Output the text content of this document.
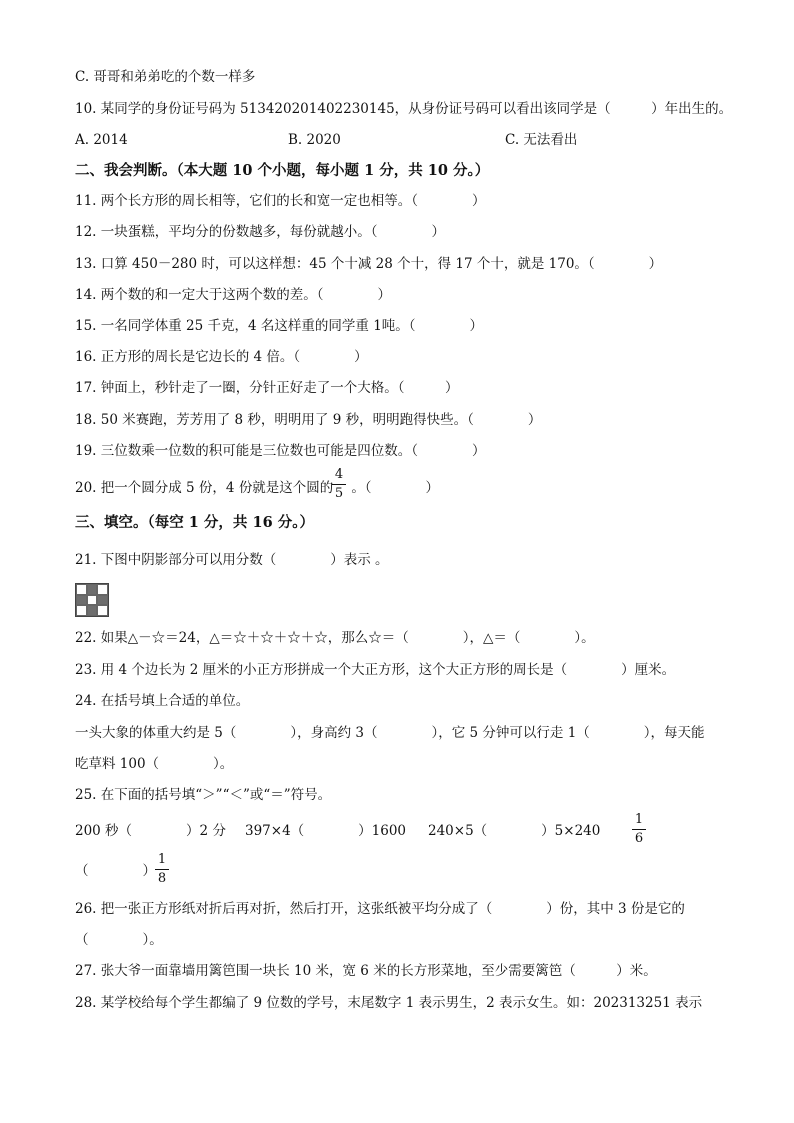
C. 哥哥和弟弟吃的个数一样多
10. 某同学的身份证号码为 513420201402230145，从身份证号码可以看出该同学是（　　　）年出生的。
A. 2014	B. 2020	C. 无法看出
二、我会判断。（本大题 10 个小题，每小题 1 分，共 10 分。）
11. 两个长方形的周长相等，它们的长和宽一定也相等。（　　　　）
12. 一块蛋糕，平均分的份数越多，每份就越小。（　　　　）
13. 口算 450－280 时，可以这样想：45 个十减 28 个十，得 17 个十，就是 170。（　　　　）
14. 两个数的和一定大于这两个数的差。（　　　　）
15. 一名同学体重 25 千克，4 名这样重的同学重 1吨。（　　　　）
16. 正方形的周长是它边长的 4 倍。（　　　　）
17. 钟面上，秒针走了一圈，分针正好走了一个大格。（　　　）
18. 50 米赛跑，芳芳用了 8 秒，明明用了 9 秒，明明跑得快些。（　　　　）
19. 三位数乘一位数的积可能是三位数也可能是四位数。（　　　　）
20. 把一个圆分成 5 份，4 份就是这个圆的 。（　　　　）
4
5
三、填空。（每空 1 分，共 16 分。）
21. 下图中阴影部分可以用分数（　　　　）表示 。
22. 如果△－☆＝24，△＝☆＋☆＋☆＋☆，那么☆＝（　　　　），△＝（　　　　）。
23. 用 4 个边长为 2 厘米的小正方形拼成一个大正方形，这个大正方形的周长是（　　　　）厘米。
24. 在括号填上合适的单位。
一头大象的体重大约是 5（　　　　），身高约 3（　　　　），它 5 分钟可以行走 1（　　　　），每天能
吃草料 100（　　　　）。
25. 在下面的括号填“＞”“＜”或“＝”符号。
200 秒（　　　　）2 分 397×4（　　　　）1600 240×5（　　　　）5×240
1
6
（　　　　）
1
8
26. 把一张正方形纸对折后再对折，然后打开，这张纸被平均分成了（　　　　）份，其中 3 份是它的
（　　　　）。
27. 张大爷一面靠墙用篱笆围一块长 10 米，宽 6 米的长方形菜地，至少需要篱笆（　　　）米。
28. 某学校给每个学生都编了 9 位数的学号，末尾数字 1 表示男生，2 表示女生。如：202313251 表示
